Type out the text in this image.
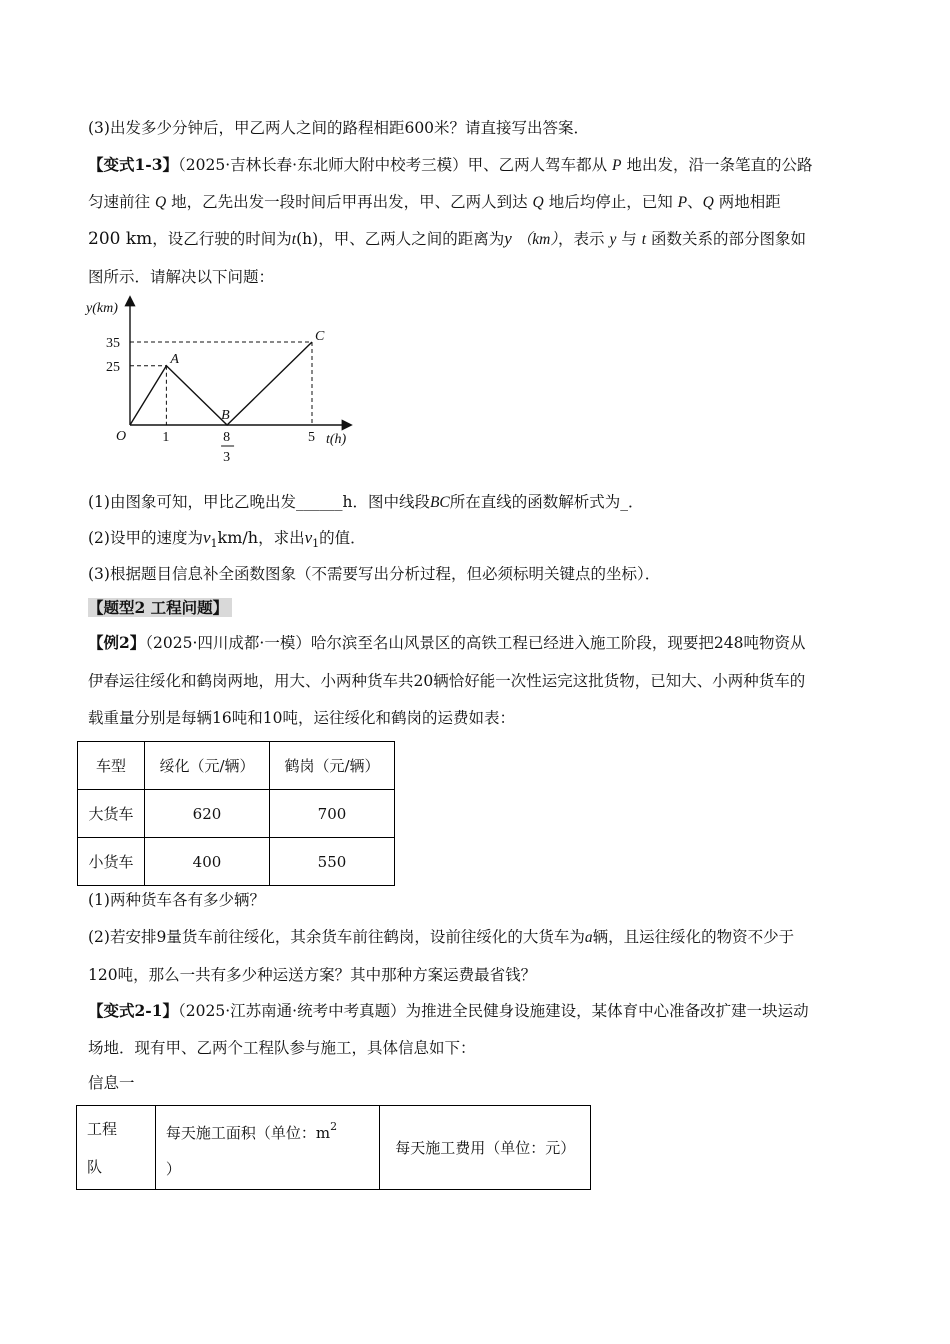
(3)出发多少分钟后，甲乙两人之间的路程相距600米？请直接写出答案．
【变式1-3】（2025·吉林长春·东北师大附中校考三模）甲、乙两人驾车都从 P 地出发，沿一条笔直的公路
匀速前往 Q 地，乙先出发一段时间后甲再出发，甲、乙两人到达 Q 地后均停止，已知 P、Q 两地相距
200 km，设乙行驶的时间为t(h)，甲、乙两人之间的距离为y （km），表示 y 与 t 函数关系的部分图象如
图所示．请解决以下问题：
y(km)
t(h)
O
35
25
1	5
8
3
A
B
C
(1)由图象可知，甲比乙晚出发______h．图中线段BC所在直线的函数解析式为_．
(2)设甲的速度为$v_1km/h$，求出$v_1$的值．
(3)根据题目信息补全函数图象（不需要写出分析过程，但必须标明关键点的坐标）．
【题型2 工程问题】
【例2】（2025·四川成都·一模）哈尔滨至名山风景区的高铁工程已经进入施工阶段，现要把248吨物资从
伊春运往绥化和鹤岗两地，用大、小两种货车共20辆恰好能一次性运完这批货物，已知大、小两种货车的
载重量分别是每辆16吨和10吨，运往绥化和鹤岗的运费如表：
车型	绥化（元/辆）	鹤岗（元/辆）
大货车	620	700
小货车	400	550
(1)两种货车各有多少辆？
(2)若安排9量货车前往绥化，其余货车前往鹤岗，设前往绥化的大货车为a辆，且运往绥化的物资不少于
120吨，那么一共有多少种运送方案？其中那种方案运费最省钱？
【变式2-1】（2025·江苏南通·统考中考真题）为推进全民健身设施建设，某体育中心准备改扩建一块运动
场地．现有甲、乙两个工程队参与施工，具体信息如下：
信息一
工程
队	每天施工面积（单位：$m^2$
）	每天施工费用（单位：元）
